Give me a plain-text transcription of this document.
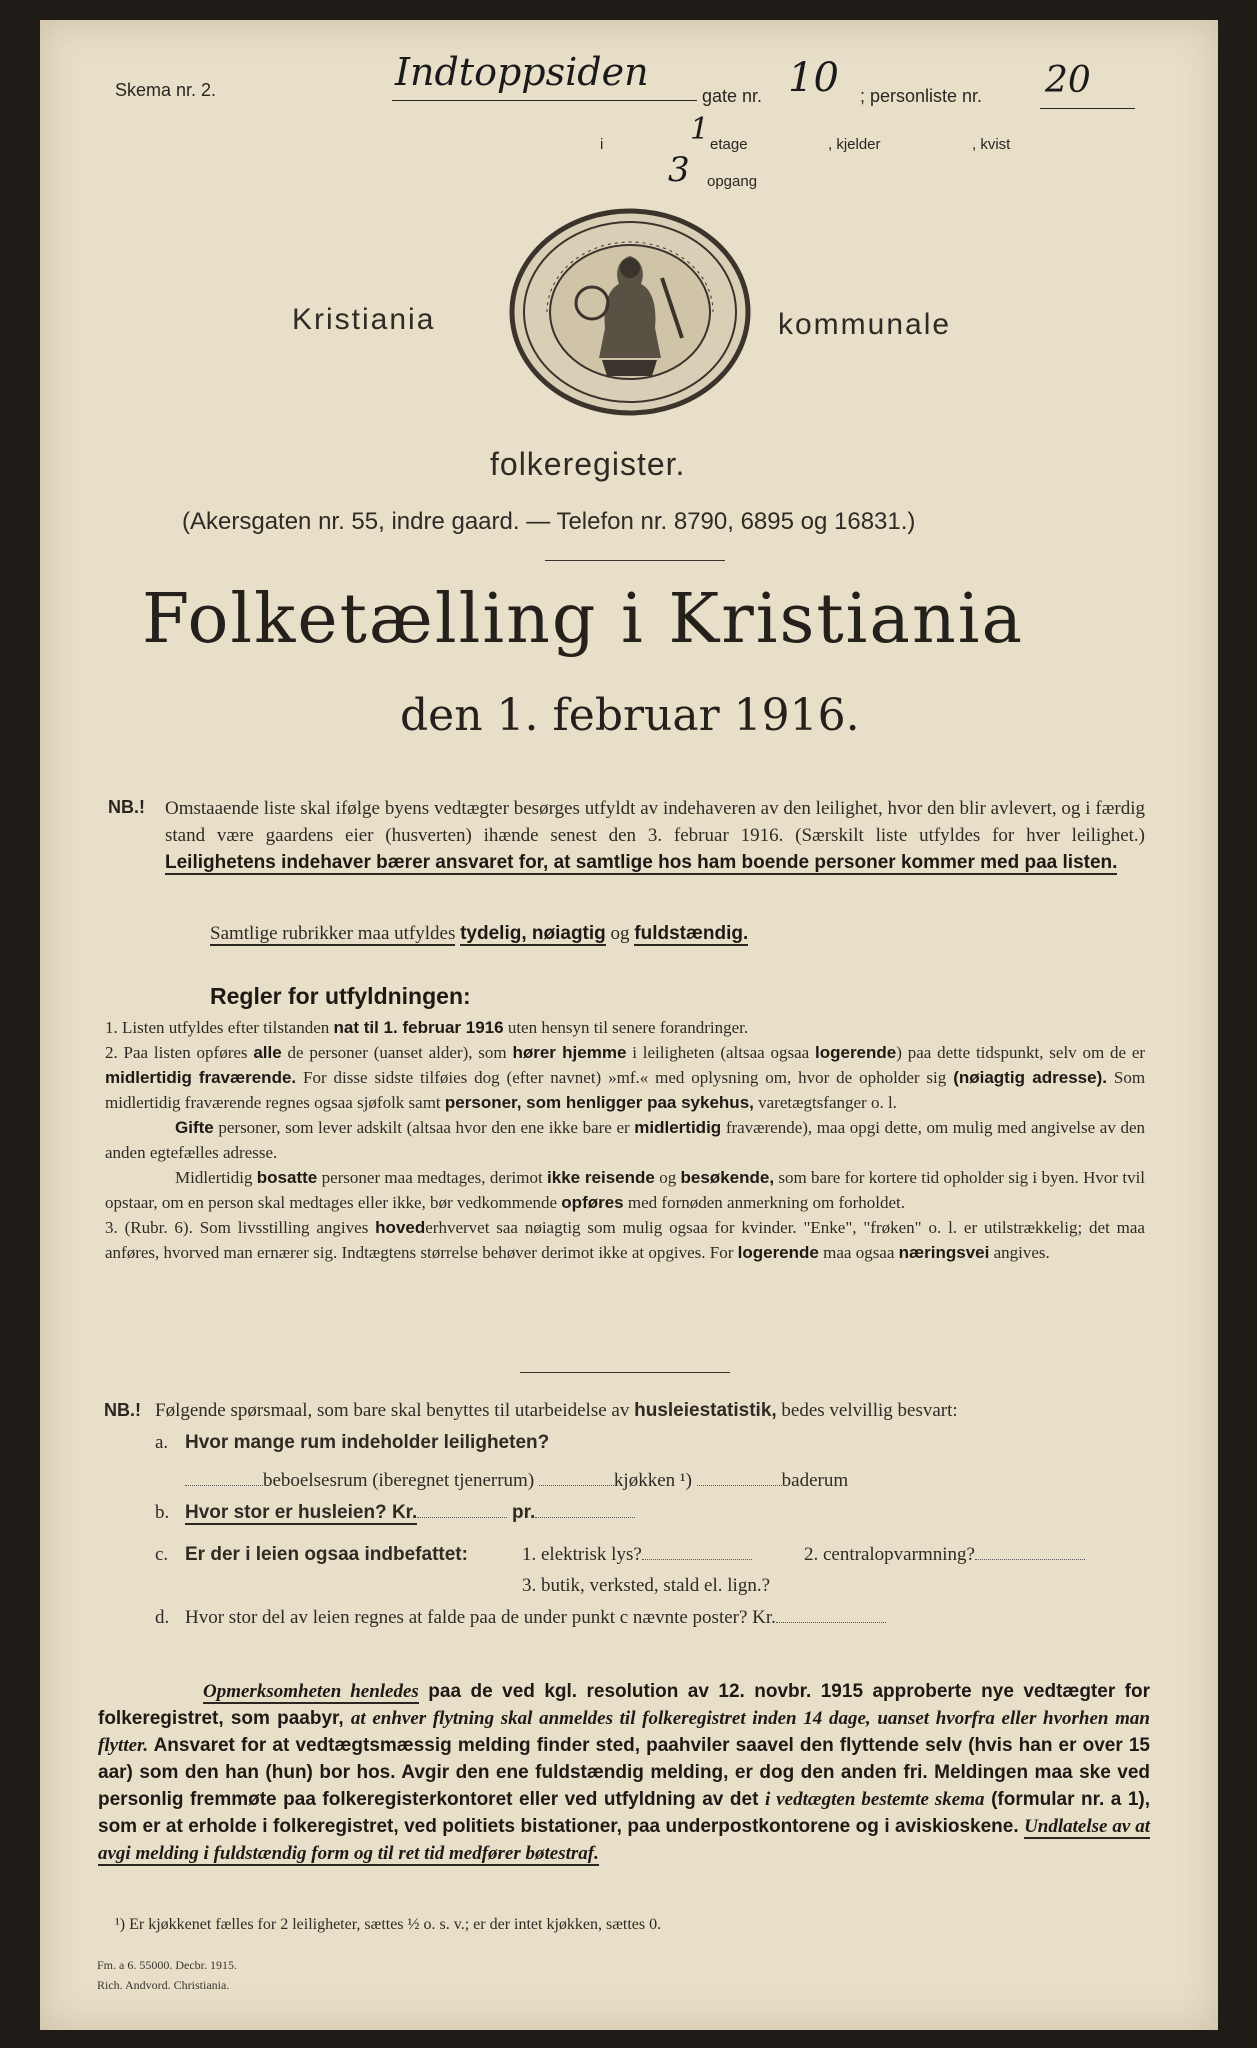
Skema nr. 2.	Indtoppsiden
gate nr. 10 ; personliste nr. 20
i	1 etage	, kjelder	, kvist
3 opgang
Kristiania	kommunale
folkeregister.
(Akersgaten nr. 55, indre gaard. — Telefon nr. 8790, 6895 og 16831.)
Folketælling i Kristiania
den 1. februar 1916.
NB.! Omstaaende liste skal ifølge byens vedtægter besørges utfyldt av indehaveren av den leilighet, hvor den blir avlevert, og i færdig stand være gaardens eier (husverten) ihænde senest den 3. februar 1916. (Særskilt liste utfyldes for hver leilighet.) Leilighetens indehaver bærer ansvaret for, at samtlige hos ham boende personer kommer med paa listen.
Samtlige rubrikker maa utfyldes tydelig, nøiagtig og fuldstændig.
Regler for utfyldningen:

1. Listen utfyldes efter tilstanden nat til 1. februar 1916 uten hensyn til senere forandringer.

2. Paa listen opføres alle de personer (uanset alder), som hører hjemme i leiligheten (altsaa ogsaa logerende) paa dette tidspunkt, selv om de er midlertidig fraværende. For disse sidste tilføies dog (efter navnet) »mf.« med oplysning om, hvor de opholder sig (nøiagtig adresse). Som midlertidig fraværende regnes ogsaa sjøfolk samt personer, som henligger paa sykehus, varetægtsfanger o. l.

Gifte personer, som lever adskilt (altsaa hvor den ene ikke bare er midlertidig fraværende), maa opgi dette, om mulig med angivelse av den anden egtefælles adresse.

Midlertidig bosatte personer maa medtages, derimot ikke reisende og besøkende, som bare for kortere tid opholder sig i byen. Hvor tvil opstaar, om en person skal medtages eller ikke, bør vedkommende opføres med fornøden anmerkning om forholdet.

3. (Rubr. 6). Som livsstilling angives hovederhvervet saa nøiagtig som mulig ogsaa for kvinder. "Enke", "frøken" o. l. er utilstrækkelig; det maa anføres, hvorved man ernærer sig. Indtægtens størrelse behøver derimot ikke at opgives. For logerende maa ogsaa næringsvei angives.

NB.! Følgende spørsmaal, som bare skal benyttes til utarbeidelse av husleiestatistik, bedes velvillig besvart:
a. Hvor mange rum indeholder leiligheten?
beboelsesrum (iberegnet tjenerrum)	kjøkken ¹)	baderum
b. Hvor stor er husleien? Kr.	pr.
c. Er der i leien ogsaa indbefattet:	1. elektrisk lys?	2. centralopvarmning?
3. butik, verksted, stald el. lign.?
d. Hvor stor del av leien regnes at falde paa de under punkt c nævnte poster? Kr.
Opmerksomheten henledes paa de ved kgl. resolution av 12. novbr. 1915 approberte nye vedtægter for folkeregistret, som paabyr, at enhver flytning skal anmeldes til folkeregistret inden 14 dage, uanset hvorfra eller hvorhen man flytter. Ansvaret for at vedtægtsmæssig melding finder sted, paahviler saavel den flyttende selv (hvis han er over 15 aar) som den han (hun) bor hos. Avgir den ene fuldstændig melding, er dog den anden fri. Meldingen maa ske ved personlig fremmøte paa folkeregisterkontoret eller ved utfyldning av det i vedtægten bestemte skema (formular nr. a 1), som er at erholde i folkeregistret, ved politiets bistationer, paa underpostkontorene og i aviskioskene. Undlatelse av at avgi melding i fuldstændig form og til ret tid medfører bøtestraf.
¹) Er kjøkkenet fælles for 2 leiligheter, sættes ½ o. s. v.; er der intet kjøkken, sættes 0.
Fm. a 6. 55000. Decbr. 1915.
Rich. Andvord. Christiania.
